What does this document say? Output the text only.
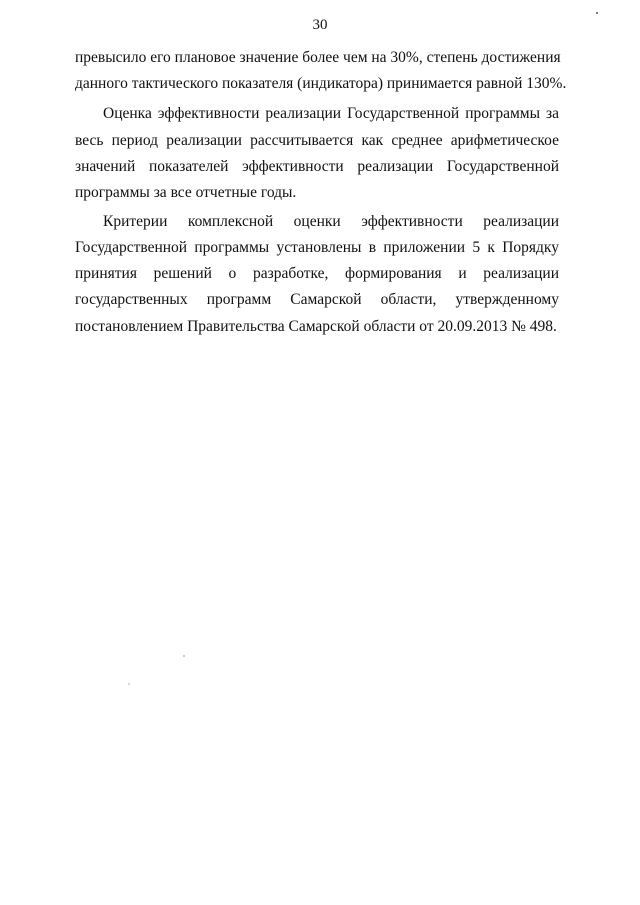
30
превысило его плановое значение более чем на 30%, степень достижения
данного тактического показателя (индикатора) принимается равной 130%.
Оценка эффективности реализации Государственной программы за
весь период реализации рассчитывается как среднее арифметическое
значений показателей эффективности реализации Государственной
программы за все отчетные годы.
Критерии комплексной оценки эффективности реализации
Государственной программы установлены в приложении 5 к Порядку
принятия решений о разработке, формирования и реализации
государственных программ Самарской области, утвержденному
постановлением Правительства Самарской области от 20.09.2013 № 498.
